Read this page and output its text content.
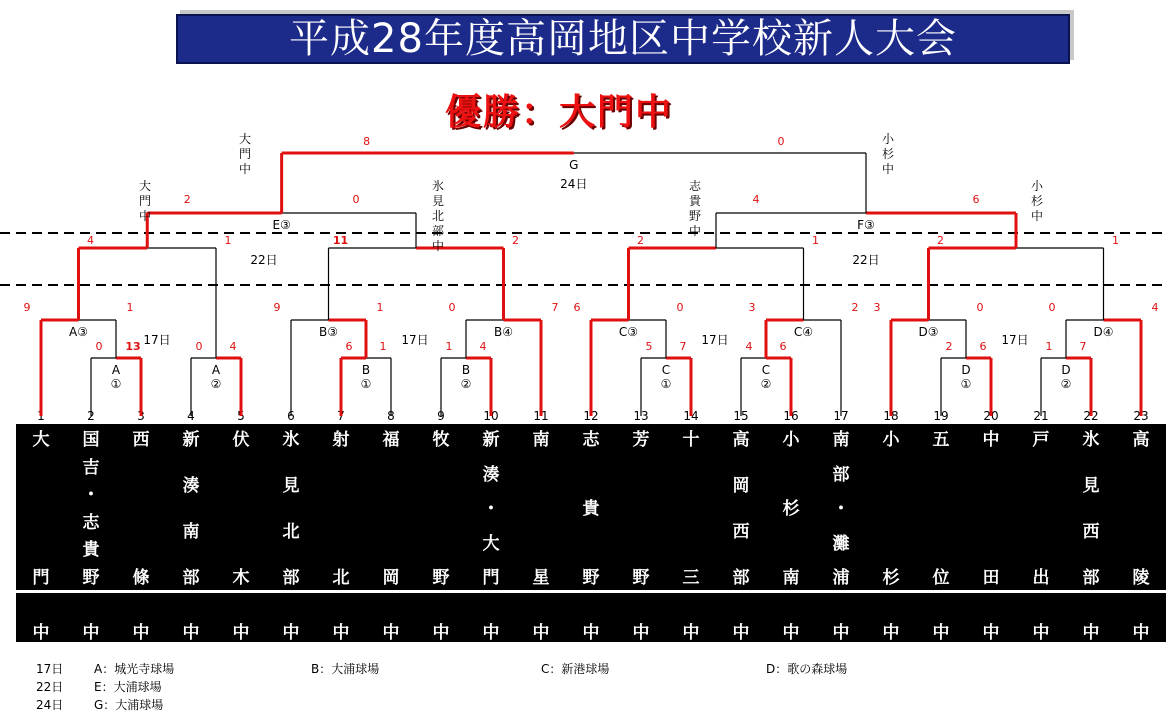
平成28年度高岡地区中学校新人大会
優勝：大門中
1	2	3	4	5	6	7	8	9	10	11	12	13	14	15	16	17	18	19	20	21	22	23
0 13
A
①
0 4
A
②
6 1
B
①
1 4
B
②
5 7
C
①
4 6
C
②
2 6
D
①
1 7
D
②
9	1
A③
9	1
B③
0	7
B④
6	0
C③
3	2
C④
3	0
D③
0	4
D④
4	1	11	2	2	1	2	1
2	0
E③
4	6
F③
8	0
G
24日
17日	17日	17日	17日
22日	22日
大
門
中
小
杉
中
大
門
中
氷
見
北
部
中
志
貴
野
中
小
杉
中
大
門
中
国
吉
・
志
貴
野
中
西
條
中
新
湊
南
部
中
伏
木
中
氷
見
北
部
中
射
北
中
福
岡
中
牧
野
中
新
湊
・
大
門
中
南
星
中
志
貴
野
中
芳
野
中
十
三
中
高
岡
西
部
中
小
杉
南
中
南
部
・
灘
浦
中
小
杉
中
五
位
中
中
田
中
戸
出
中
氷
見
西
部
中
高
陵
中
17日	A：城光寺球場	B：大浦球場	C：新港球場	D：歌の森球場
22日	E：大浦球場
24日	G：大浦球場
